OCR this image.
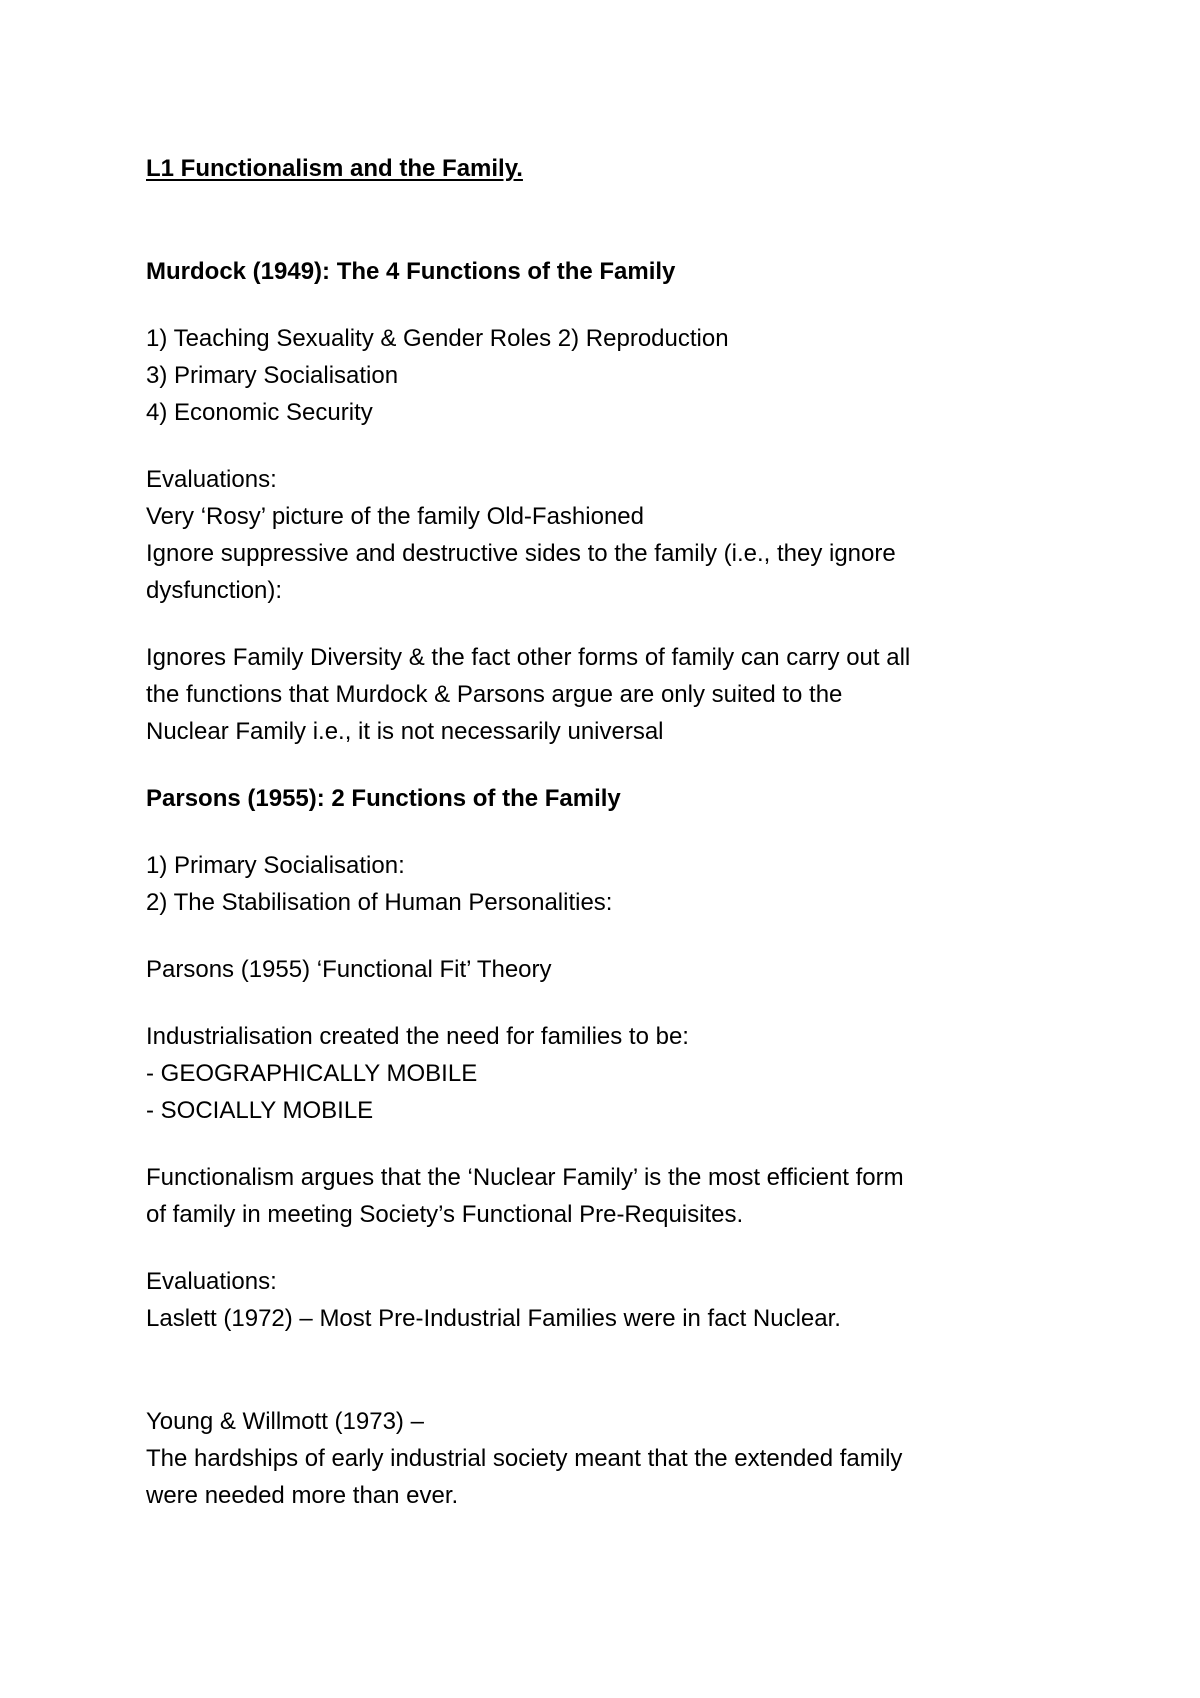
L1 Functionalism and the Family.

Murdock (1949): The 4 Functions of the Family

1) Teaching Sexuality & Gender Roles 2) Reproduction

3) Primary Socialisation

4) Economic Security

Evaluations:

Very ‘Rosy’ picture of the family Old-Fashioned

Ignore suppressive and destructive sides to the family (i.e., they ignore

dysfunction):

Ignores Family Diversity & the fact other forms of family can carry out all

the functions that Murdock & Parsons argue are only suited to the

Nuclear Family i.e., it is not necessarily universal

Parsons (1955): 2 Functions of the Family

1) Primary Socialisation:

2) The Stabilisation of Human Personalities:

Parsons (1955) ‘Functional Fit’ Theory

Industrialisation created the need for families to be:

- GEOGRAPHICALLY MOBILE

- SOCIALLY MOBILE

Functionalism argues that the ‘Nuclear Family’ is the most efficient form

of family in meeting Society’s Functional Pre-Requisites.

Evaluations:

Laslett (1972) – Most Pre-Industrial Families were in fact Nuclear.

Young & Willmott (1973) –

The hardships of early industrial society meant that the extended family

were needed more than ever.
